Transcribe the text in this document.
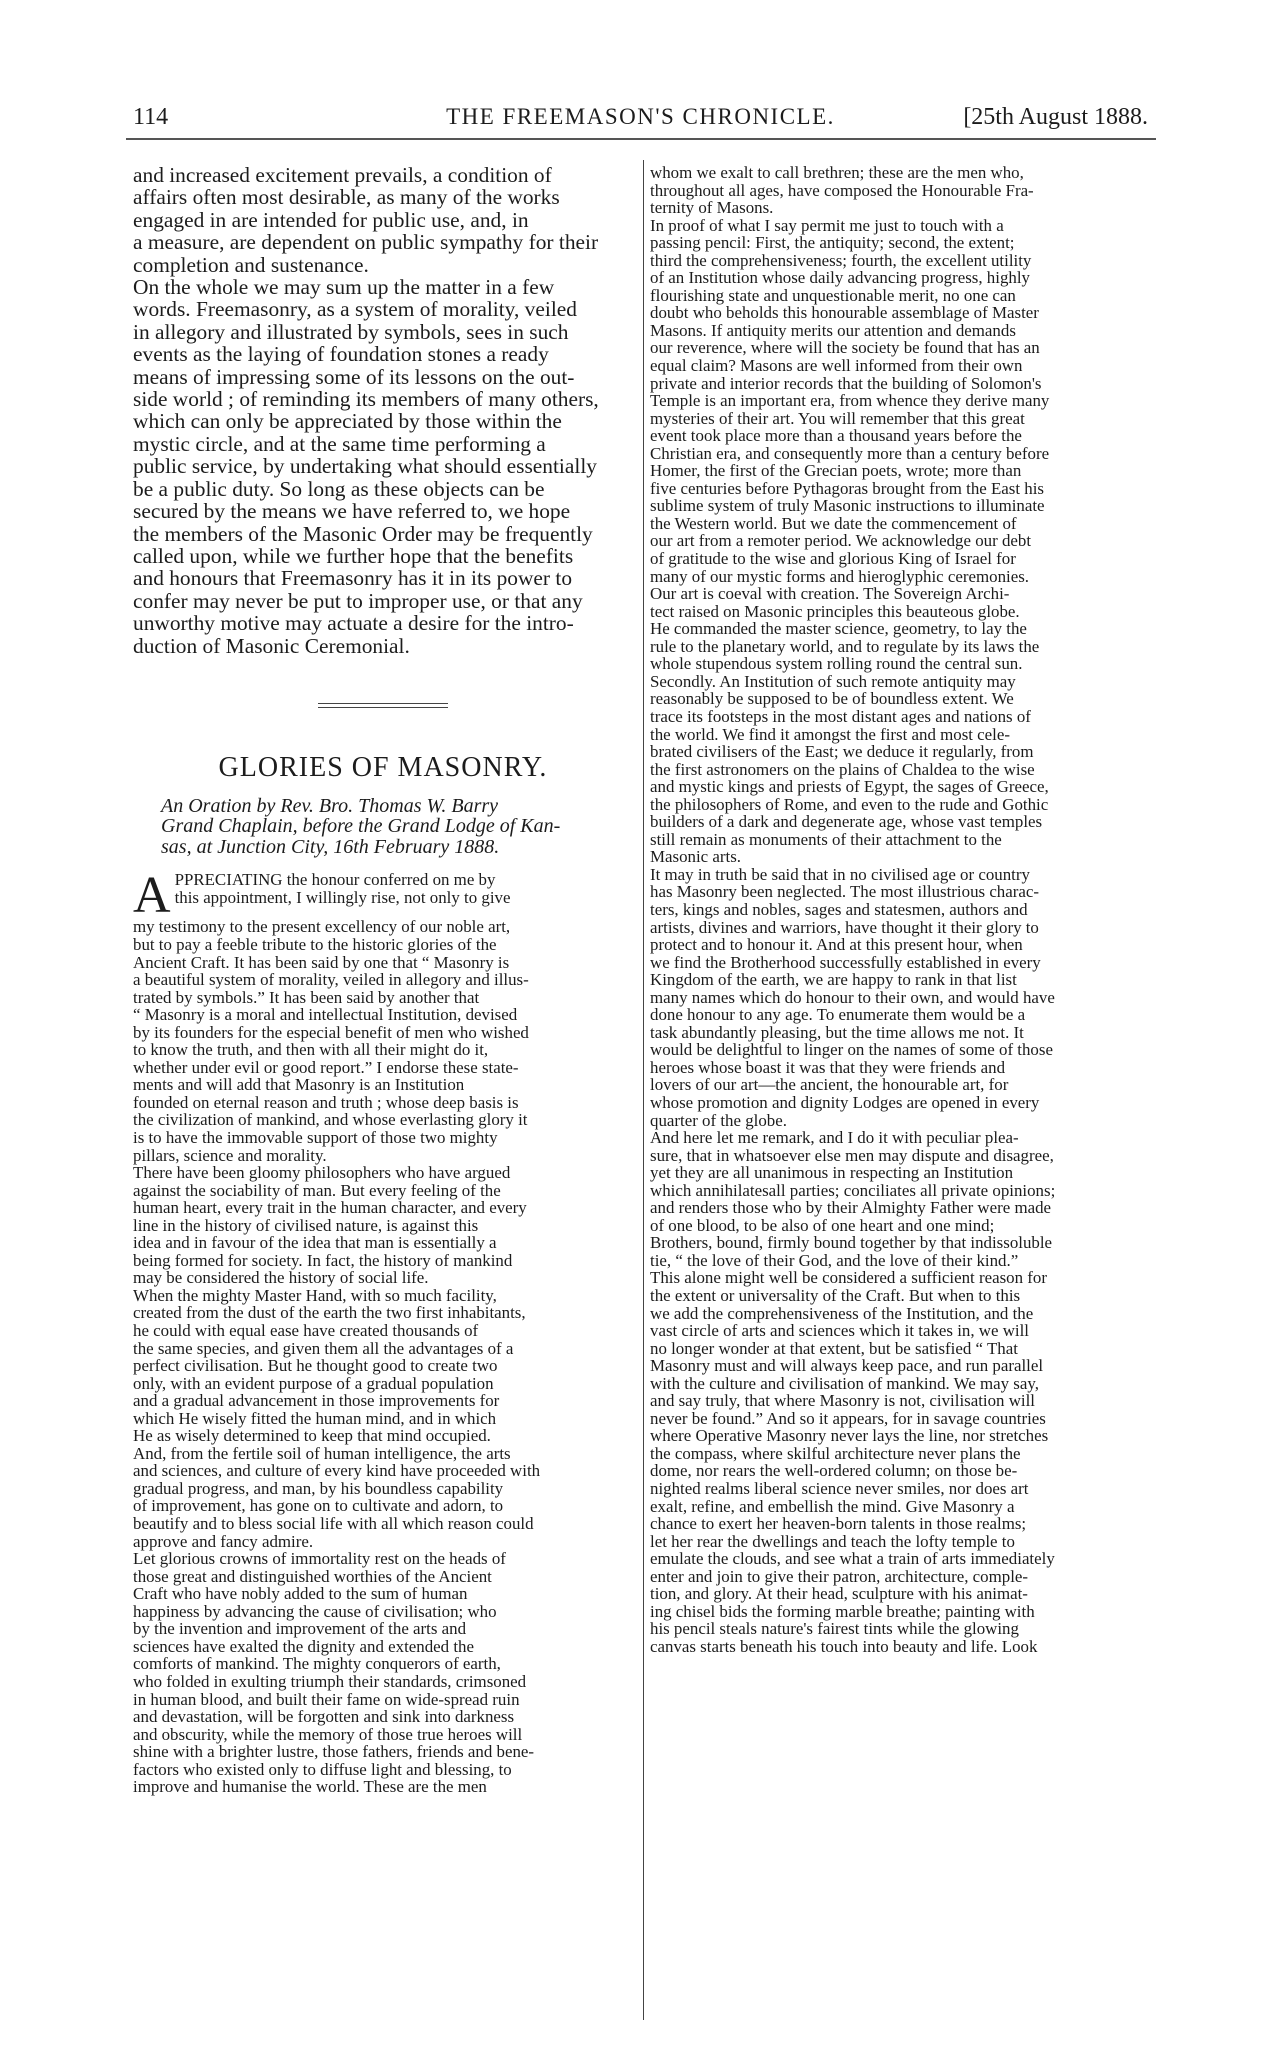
114	THE FREEMASON'S CHRONICLE.	[25th August 1888.

and increased excitement prevails, a condition of
affairs often most desirable, as many of the works
engaged in are intended for public use, and, in
a measure, are dependent on public sympathy for their
completion and sustenance.
On the whole we may sum up the matter in a few
words. Freemasonry, as a system of morality, veiled
in allegory and illustrated by symbols, sees in such
events as the laying of foundation stones a ready
means of impressing some of its lessons on the out-
side world ; of reminding its members of many others,
which can only be appreciated by those within the
mystic circle, and at the same time performing a
public service, by undertaking what should essentially
be a public duty. So long as these objects can be
secured by the means we have referred to, we hope
the members of the Masonic Order may be frequently
called upon, while we further hope that the benefits
and honours that Freemasonry has it in its power to
confer may never be put to improper use, or that any
unworthy motive may actuate a desire for the intro-
duction of Masonic Ceremonial.

GLORIES OF MASONRY.
An Oration by Rev. Bro. Thomas W. Barry
Grand Chaplain, before the Grand Lodge of Kan-
sas, at Junction City, 16th February 1888.
A PPRECIATING the honour conferred on me by
this appointment, I willingly rise, not only to give

my testimony to the present excellency of our noble art,
but to pay a feeble tribute to the historic glories of the
Ancient Craft. It has been said by one that “ Masonry is
a beautiful system of morality, veiled in allegory and illus-
trated by symbols.” It has been said by another that
“ Masonry is a moral and intellectual Institution, devised
by its founders for the especial benefit of men who wished
to know the truth, and then with all their might do it,
whether under evil or good report.” I endorse these state-
ments and will add that Masonry is an Institution
founded on eternal reason and truth ; whose deep basis is
the civilization of mankind, and whose everlasting glory it
is to have the immovable support of those two mighty
pillars, science and morality.
There have been gloomy philosophers who have argued
against the sociability of man. But every feeling of the
human heart, every trait in the human character, and every
line in the history of civilised nature, is against this
idea and in favour of the idea that man is essentially a
being formed for society. In fact, the history of mankind
may be considered the history of social life.
When the mighty Master Hand, with so much facility,
created from the dust of the earth the two first inhabitants,
he could with equal ease have created thousands of
the same species, and given them all the advantages of a
perfect civilisation. But he thought good to create two
only, with an evident purpose of a gradual population
and a gradual advancement in those improvements for
which He wisely fitted the human mind, and in which
He as wisely determined to keep that mind occupied.
And, from the fertile soil of human intelligence, the arts
and sciences, and culture of every kind have proceeded with
gradual progress, and man, by his boundless capability
of improvement, has gone on to cultivate and adorn, to
beautify and to bless social life with all which reason could
approve and fancy admire.
Let glorious crowns of immortality rest on the heads of
those great and distinguished worthies of the Ancient
Craft who have nobly added to the sum of human
happiness by advancing the cause of civilisation; who
by the invention and improvement of the arts and
sciences have exalted the dignity and extended the
comforts of mankind. The mighty conquerors of earth,
who folded in exulting triumph their standards, crimsoned
in human blood, and built their fame on wide-spread ruin
and devastation, will be forgotten and sink into darkness
and obscurity, while the memory of those true heroes will
shine with a brighter lustre, those fathers, friends and bene-
factors who existed only to diffuse light and blessing, to
improve and humanise the world. These are the men

whom we exalt to call brethren; these are the men who,
throughout all ages, have composed the Honourable Fra-
ternity of Masons.
In proof of what I say permit me just to touch with a
passing pencil: First, the antiquity; second, the extent;
third the comprehensiveness; fourth, the excellent utility
of an Institution whose daily advancing progress, highly
flourishing state and unquestionable merit, no one can
doubt who beholds this honourable assemblage of Master
Masons. If antiquity merits our attention and demands
our reverence, where will the society be found that has an
equal claim? Masons are well informed from their own
private and interior records that the building of Solomon's
Temple is an important era, from whence they derive many
mysteries of their art. You will remember that this great
event took place more than a thousand years before the
Christian era, and consequently more than a century before
Homer, the first of the Grecian poets, wrote; more than
five centuries before Pythagoras brought from the East his
sublime system of truly Masonic instructions to illuminate
the Western world. But we date the commencement of
our art from a remoter period. We acknowledge our debt
of gratitude to the wise and glorious King of Israel for
many of our mystic forms and hieroglyphic ceremonies.
Our art is coeval with creation. The Sovereign Archi-
tect raised on Masonic principles this beauteous globe.
He commanded the master science, geometry, to lay the
rule to the planetary world, and to regulate by its laws the
whole stupendous system rolling round the central sun.
Secondly. An Institution of such remote antiquity may
reasonably be supposed to be of boundless extent. We
trace its footsteps in the most distant ages and nations of
the world. We find it amongst the first and most cele-
brated civilisers of the East; we deduce it regularly, from
the first astronomers on the plains of Chaldea to the wise
and mystic kings and priests of Egypt, the sages of Greece,
the philosophers of Rome, and even to the rude and Gothic
builders of a dark and degenerate age, whose vast temples
still remain as monuments of their attachment to the
Masonic arts.
It may in truth be said that in no civilised age or country
has Masonry been neglected. The most illustrious charac-
ters, kings and nobles, sages and statesmen, authors and
artists, divines and warriors, have thought it their glory to
protect and to honour it. And at this present hour, when
we find the Brotherhood successfully established in every
Kingdom of the earth, we are happy to rank in that list
many names which do honour to their own, and would have
done honour to any age. To enumerate them would be a
task abundantly pleasing, but the time allows me not. It
would be delightful to linger on the names of some of those
heroes whose boast it was that they were friends and
lovers of our art—the ancient, the honourable art, for
whose promotion and dignity Lodges are opened in every
quarter of the globe.
And here let me remark, and I do it with peculiar plea-
sure, that in whatsoever else men may dispute and disagree,
yet they are all unanimous in respecting an Institution
which annihilatesall parties; conciliates all private opinions;
and renders those who by their Almighty Father were made
of one blood, to be also of one heart and one mind;
Brothers, bound, firmly bound together by that indissoluble
tie, “ the love of their God, and the love of their kind.”
This alone might well be considered a sufficient reason for
the extent or universality of the Craft. But when to this
we add the comprehensiveness of the Institution, and the
vast circle of arts and sciences which it takes in, we will
no longer wonder at that extent, but be satisfied “ That
Masonry must and will always keep pace, and run parallel
with the culture and civilisation of mankind. We may say,
and say truly, that where Masonry is not, civilisation will
never be found.” And so it appears, for in savage countries
where Operative Masonry never lays the line, nor stretches
the compass, where skilful architecture never plans the
dome, nor rears the well-ordered column; on those be-
nighted realms liberal science never smiles, nor does art
exalt, refine, and embellish the mind. Give Masonry a
chance to exert her heaven-born talents in those realms;
let her rear the dwellings and teach the lofty temple to
emulate the clouds, and see what a train of arts immediately
enter and join to give their patron, architecture, comple-
tion, and glory. At their head, sculpture with his animat-
ing chisel bids the forming marble breathe; painting with
his pencil steals nature's fairest tints while the glowing
canvas starts beneath his touch into beauty and life. Look
